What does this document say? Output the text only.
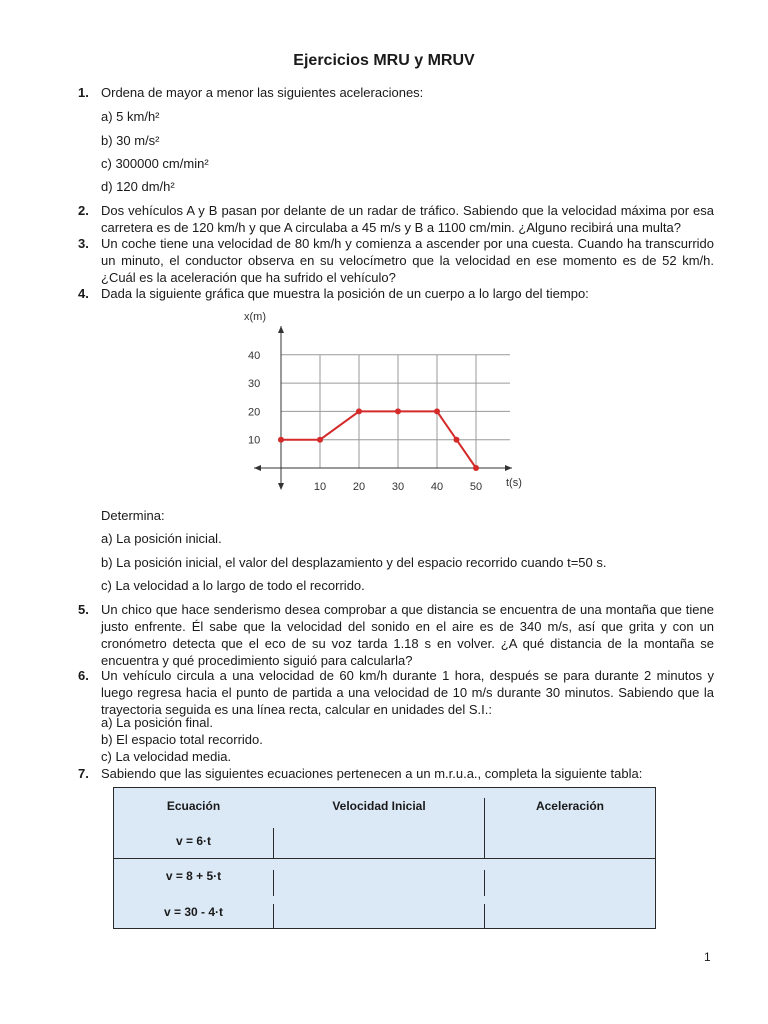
Ejercicios MRU y MRUV
1. Ordena de mayor a menor las siguientes aceleraciones:
a) 5 km/h²
b) 30 m/s²
c) 300000 cm/min²
d) 120 dm/h²
2. Dos vehículos A y B pasan por delante de un radar de tráfico. Sabiendo que la velocidad máxima por esa carretera es de 120 km/h y que A circulaba a 45 m/s y B a 1100 cm/min. ¿Alguno recibirá una multa?
3. Un coche tiene una velocidad de 80 km/h y comienza a ascender por una cuesta. Cuando ha transcurrido un minuto, el conductor observa en su velocímetro que la velocidad en ese momento es de 52 km/h. ¿Cuál es la aceleración que ha sufrido el vehículo?
4. Dada la siguiente gráfica que muestra la posición de un cuerpo a lo largo del tiempo:
10 20 30 40 50
10
20
30
40
x(m)
t(s)
Determina:
a) La posición inicial.
b) La posición inicial, el valor del desplazamiento y del espacio recorrido cuando t=50 s.
c) La velocidad a lo largo de todo el recorrido.
5. Un chico que hace senderismo desea comprobar a que distancia se encuentra de una montaña que tiene justo enfrente. Él sabe que la velocidad del sonido en el aire es de 340 m/s, así que grita y con un cronómetro detecta que el eco de su voz tarda 1.18 s en volver. ¿A qué distancia de la montaña se encuentra y qué procedimiento siguió para calcularla?
6. Un vehículo circula a una velocidad de 60 km/h durante 1 hora, después se para durante 2 minutos y luego regresa hacia el punto de partida a una velocidad de 10 m/s durante 30 minutos. Sabiendo que la trayectoria seguida es una línea recta, calcular en unidades del S.I.:
a) La posición final.
b) El espacio total recorrido.
c) La velocidad media.
7. Sabiendo que las siguientes ecuaciones pertenecen a un m.r.u.a., completa la siguiente tabla:
Ecuación	Velocidad Inicial	Aceleración
v = 6·t
v = 8 + 5·t
v = 30 - 4·t
1
